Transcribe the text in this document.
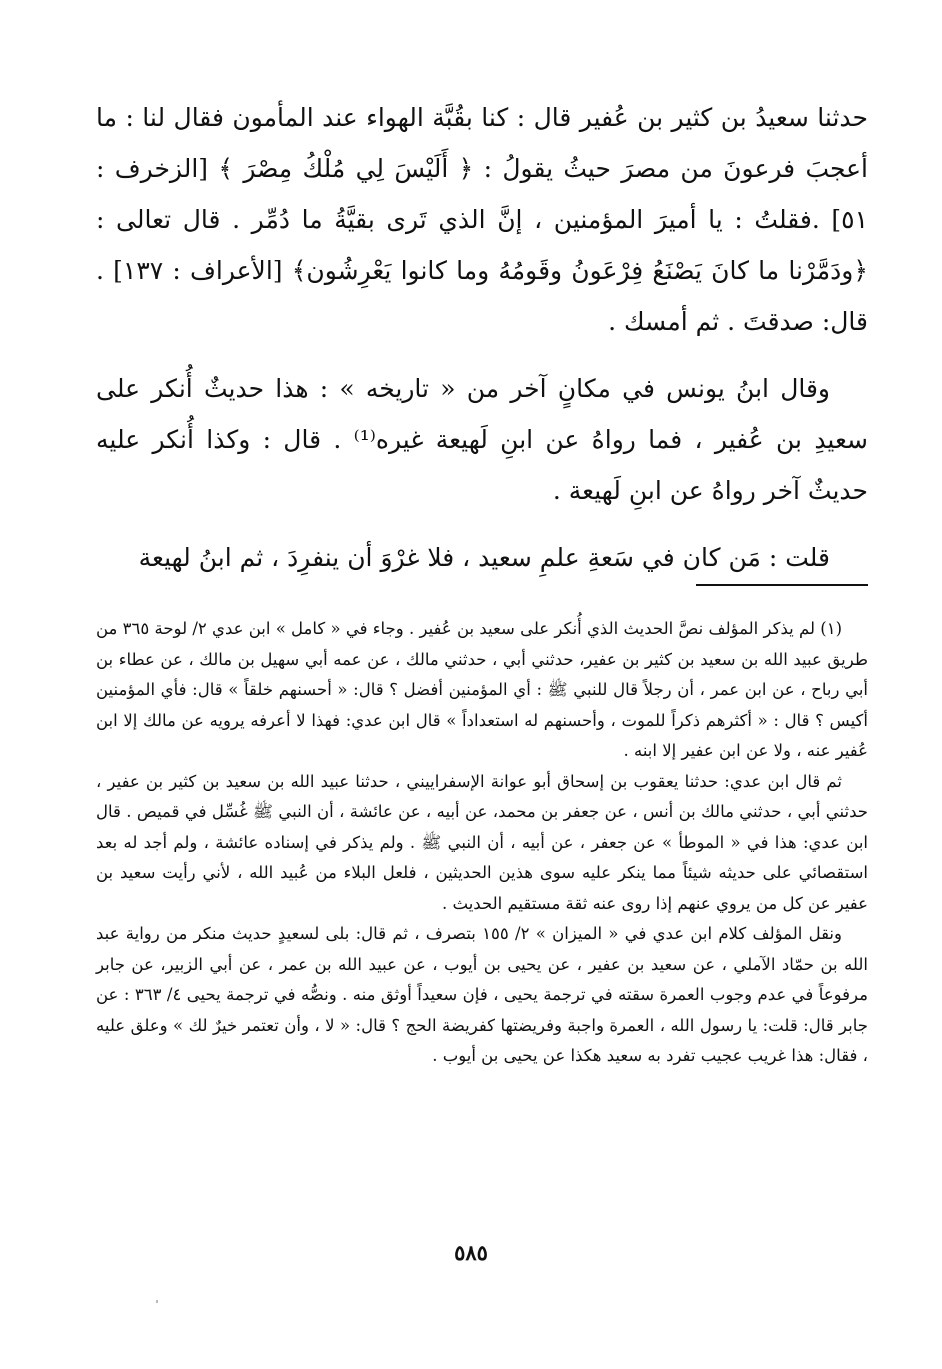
حدثنا سعيدُ بن كثير بن عُفير قال : كنا بقُبَّة الهواء عند المأمون فقال لنا : ما أعجبَ فرعونَ من مصرَ حيثُ يقولُ : ﴿ أَلَيْسَ لِي مُلْكُ مِصْرَ ﴾ [الزخرف : ٥١] .فقلتُ : يا أميرَ المؤمنين ، إنَّ الذي تَرى بقيَّةُ ما دُمِّر . قال تعالى : ﴿ودَمَّرْنا ما كانَ يَصْنَعُ فِرْعَونُ وقَومُهُ وما كانوا يَعْرِشُون﴾ [الأعراف : ١٣٧] . قال: صدقتَ . ثم أمسك .

وقال ابنُ يونس في مكانٍ آخر من « تاريخه » : هذا حديثٌ أُنكر على سعيدِ بن عُفير ، فما رواهُ عن ابنِ لَهيعة غيره⁽¹⁾ . قال : وكذا أُنكر عليه حديثٌ آخر رواهُ عن ابنِ لَهيعة .

قلت : مَن كان في سَعةِ علمِ سعيد ، فلا غرْوَ أن ينفرِدَ ، ثم ابنُ لهيعة

(١) لم يذكر المؤلف نصَّ الحديث الذي أُنكر على سعيد بن عُفير . وجاء في « كامل » ابن عدي ٢/ لوحة ٣٦٥ من طريق عبيد الله بن سعيد بن كثير بن عفير، حدثني أبي ، حدثني مالك ، عن عمه أبي سهيل بن مالك ، عن عطاء بن أبي رباح ، عن ابن عمر ، أن رجلاً قال للنبي ﷺ : أي المؤمنين أفضل ؟ قال: « أحسنهم خلقاً » قال: فأي المؤمنين أكيس ؟ قال : « أكثرهم ذكراً للموت ، وأحسنهم له استعداداً » قال ابن عدي: فهذا لا أعرفه يرويه عن مالك إلا ابن عُفير عنه ، ولا عن ابن عفير إلا ابنه .

ثم قال ابن عدي: حدثنا يعقوب بن إسحاق أبو عوانة الإسفراييني ، حدثنا عبيد الله بن سعيد بن كثير بن عفير ، حدثني أبي ، حدثني مالك بن أنس ، عن جعفر بن محمد، عن أبيه ، عن عائشة ، أن النبي ﷺ غُسِّل في قميص . قال ابن عدي: هذا في « الموطأ » عن جعفر ، عن أبيه ، أن النبي ﷺ . ولم يذكر في إسناده عائشة ، ولم أجد له بعد استقصائي على حديثه شيئاً مما ينكر عليه سوى هذين الحديثين ، فلعل البلاء من عُبيد الله ، لأني رأيت سعيد بن عفير عن كل من يروي عنهم إذا روى عنه ثقة مستقيم الحديث .

ونقل المؤلف كلام ابن عدي في « الميزان » ٢/ ١٥٥ بتصرف ، ثم قال: بلى لسعيدٍ حديث منكر من رواية عبد الله بن حمّاد الآملي ، عن سعيد بن عفير ، عن يحيى بن أيوب ، عن عبيد الله بن عمر ، عن أبي الزبير، عن جابر مرفوعاً في عدم وجوب العمرة سقته في ترجمة يحيى ، فإن سعيداً أوثق منه . ونصُّه في ترجمة يحيى ٤/ ٣٦٣ : عن جابر قال: قلت: يا رسول الله ، العمرة واجبة وفريضتها كفريضة الحج ؟ قال: « لا ، وأن تعتمر خيرٌ لك » وعلق عليه ، فقال: هذا غريب عجيب تفرد به سعيد هكذا عن يحيى بن أيوب .

٥٨٥
